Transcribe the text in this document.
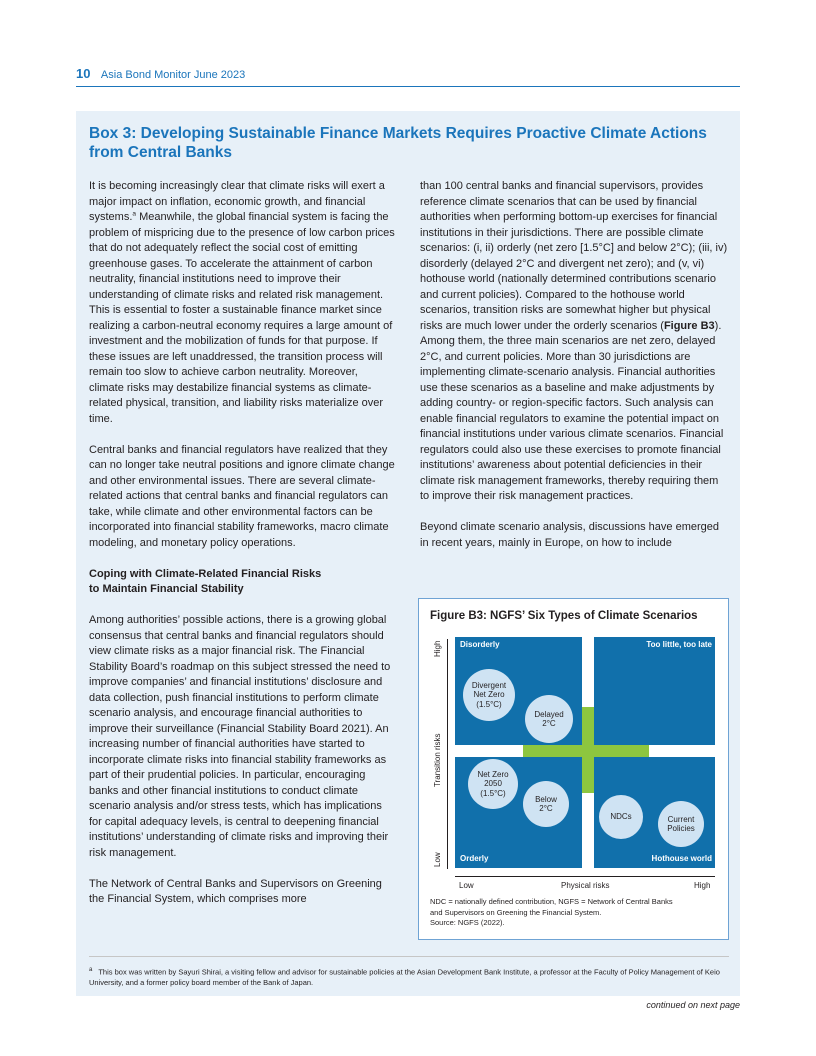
10 Asia Bond Monitor June 2023
Box 3: Developing Sustainable Finance Markets Requires Proactive Climate Actions
from Central Banks

It is becoming increasingly clear that climate risks will exert a major impact on inflation, economic growth, and financial systems.$^a$ Meanwhile, the global financial system is facing the problem of mispricing due to the presence of low carbon prices that do not adequately reflect the social cost of emitting greenhouse gases. To accelerate the attainment of carbon neutrality, financial institutions need to improve their understanding of climate risks and related risk management. This is essential to foster a sustainable finance market since realizing a carbon-neutral economy requires a large amount of investment and the mobilization of funds for that purpose. If these issues are left unaddressed, the transition process will remain too slow to achieve carbon neutrality. Moreover, climate risks may destabilize financial systems as climate-related physical, transition, and liability risks materialize over time.

Central banks and financial regulators have realized that they can no longer take neutral positions and ignore climate change and other environmental issues. There are several climate-related actions that central banks and financial regulators can take, while climate and other environmental factors can be incorporated into financial stability frameworks, macro climate modeling, and monetary policy operations.

Coping with Climate-Related Financial Risks
to Maintain Financial Stability

Among authorities’ possible actions, there is a growing global consensus that central banks and financial regulators should view climate risks as a major financial risk. The Financial Stability Board’s roadmap on this subject stressed the need to improve companies’ and financial institutions’ disclosure and data collection, push financial institutions to perform climate scenario analysis, and encourage financial authorities to improve their surveillance (Financial Stability Board 2021). An increasing number of financial authorities have started to incorporate climate risks into financial stability frameworks as part of their prudential policies. In particular, encouraging banks and other financial institutions to conduct climate scenario analysis and/or stress tests, which has implications for capital adequacy levels, is central to deepening financial institutions’ understanding of climate risks and improving their risk management.

The Network of Central Banks and Supervisors on Greening the Financial System, which comprises more

than 100 central banks and financial supervisors, provides reference climate scenarios that can be used by financial authorities when performing bottom-up exercises for financial institutions in their jurisdictions. There are possible climate scenarios: (i, ii) orderly (net zero [1.5°C] and below 2°C); (iii, iv) disorderly (delayed 2°C and divergent net zero); and (v, vi) hothouse world (nationally determined contributions scenario and current policies). Compared to the hothouse world scenarios, transition risks are somewhat higher but physical risks are much lower under the orderly scenarios (Figure B3). Among them, the three main scenarios are net zero, delayed 2°C, and current policies. More than 30 jurisdictions are implementing climate-scenario analysis. Financial authorities use these scenarios as a baseline and make adjustments by adding country- or region-specific factors. Such analysis can enable financial regulators to examine the potential impact on financial institutions under various climate scenarios. Financial regulators could also use these exercises to promote financial institutions’ awareness about potential deficiencies in their climate risk management frameworks, thereby requiring them to improve their risk management practices.

Beyond climate scenario analysis, discussions have emerged in recent years, mainly in Europe, on how to include

Figure B3: NGFS’ Six Types of Climate Scenarios
Disorderly	Too little, too late
Orderly	Hothouse world
Divergent
Net Zero
(1.5°C)
Delayed
2°C
Net Zero
2050
(1.5°C)
Below
2°C
NDCs	Current
Policies
High
Transition risks
Low
Low	Physical risks	High
NDC = nationally defined contribution, NGFS = Network of Central Banks
and Supervisors on Greening the Financial System.
Source: NGFS (2022).
$^a$ This box was written by Sayuri Shirai, a visiting fellow and advisor for sustainable policies at the Asian Development Bank Institute, a professor at the Faculty of Policy Management of Keio University, and a former policy board member of the Bank of Japan.
continued on next page
